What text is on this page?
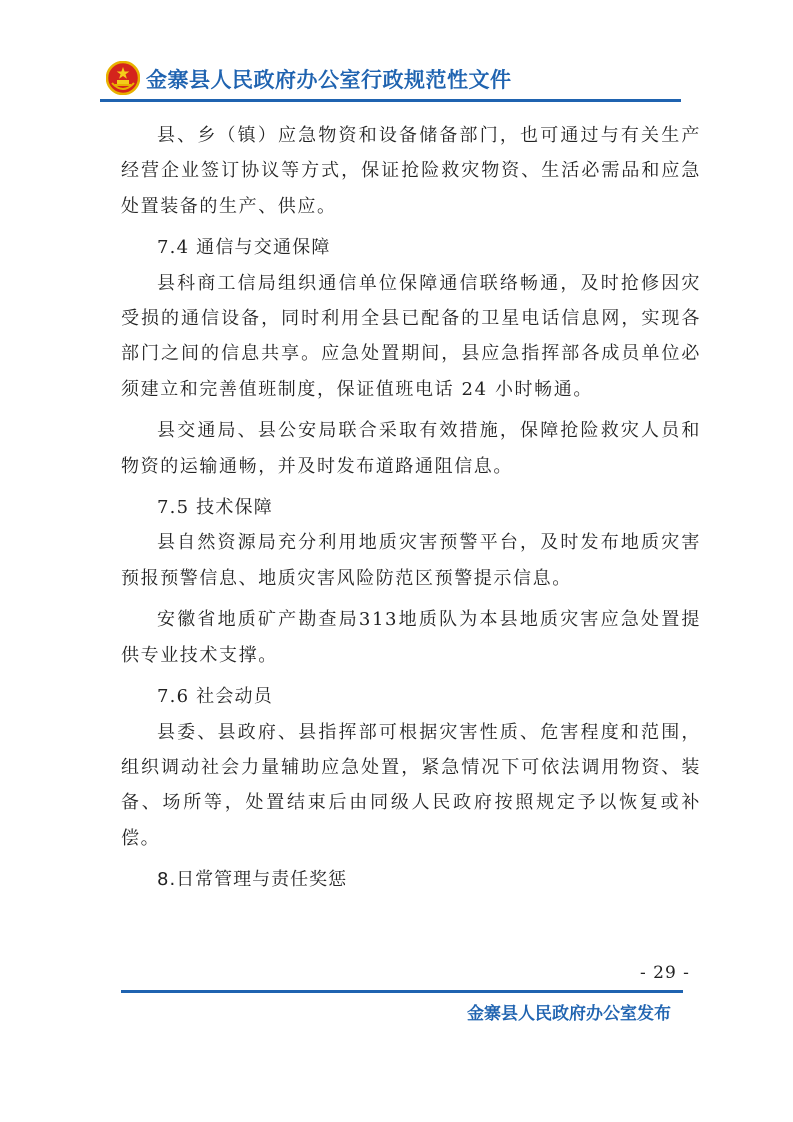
金寨县人民政府办公室行政规范性文件

县、乡（镇）应急物资和设备储备部门，也可通过与有关生产经营企业签订协议等方式，保证抢险救灾物资、生活必需品和应急处置装备的生产、供应。

7.4 通信与交通保障

县科商工信局组织通信单位保障通信联络畅通，及时抢修因灾受损的通信设备，同时利用全县已配备的卫星电话信息网，实现各部门之间的信息共享。应急处置期间，县应急指挥部各成员单位必须建立和完善值班制度，保证值班电话 24 小时畅通。

县交通局、县公安局联合采取有效措施，保障抢险救灾人员和物资的运输通畅，并及时发布道路通阻信息。

7.5 技术保障

县自然资源局充分利用地质灾害预警平台，及时发布地质灾害预报预警信息、地质灾害风险防范区预警提示信息。

安徽省地质矿产勘查局313地质队为本县地质灾害应急处置提供专业技术支撑。

7.6 社会动员

县委、县政府、县指挥部可根据灾害性质、危害程度和范围，组织调动社会力量辅助应急处置，紧急情况下可依法调用物资、装备、场所等，处置结束后由同级人民政府按照规定予以恢复或补偿。

8.日常管理与责任奖惩

- 29 -
金寨县人民政府办公室发布
